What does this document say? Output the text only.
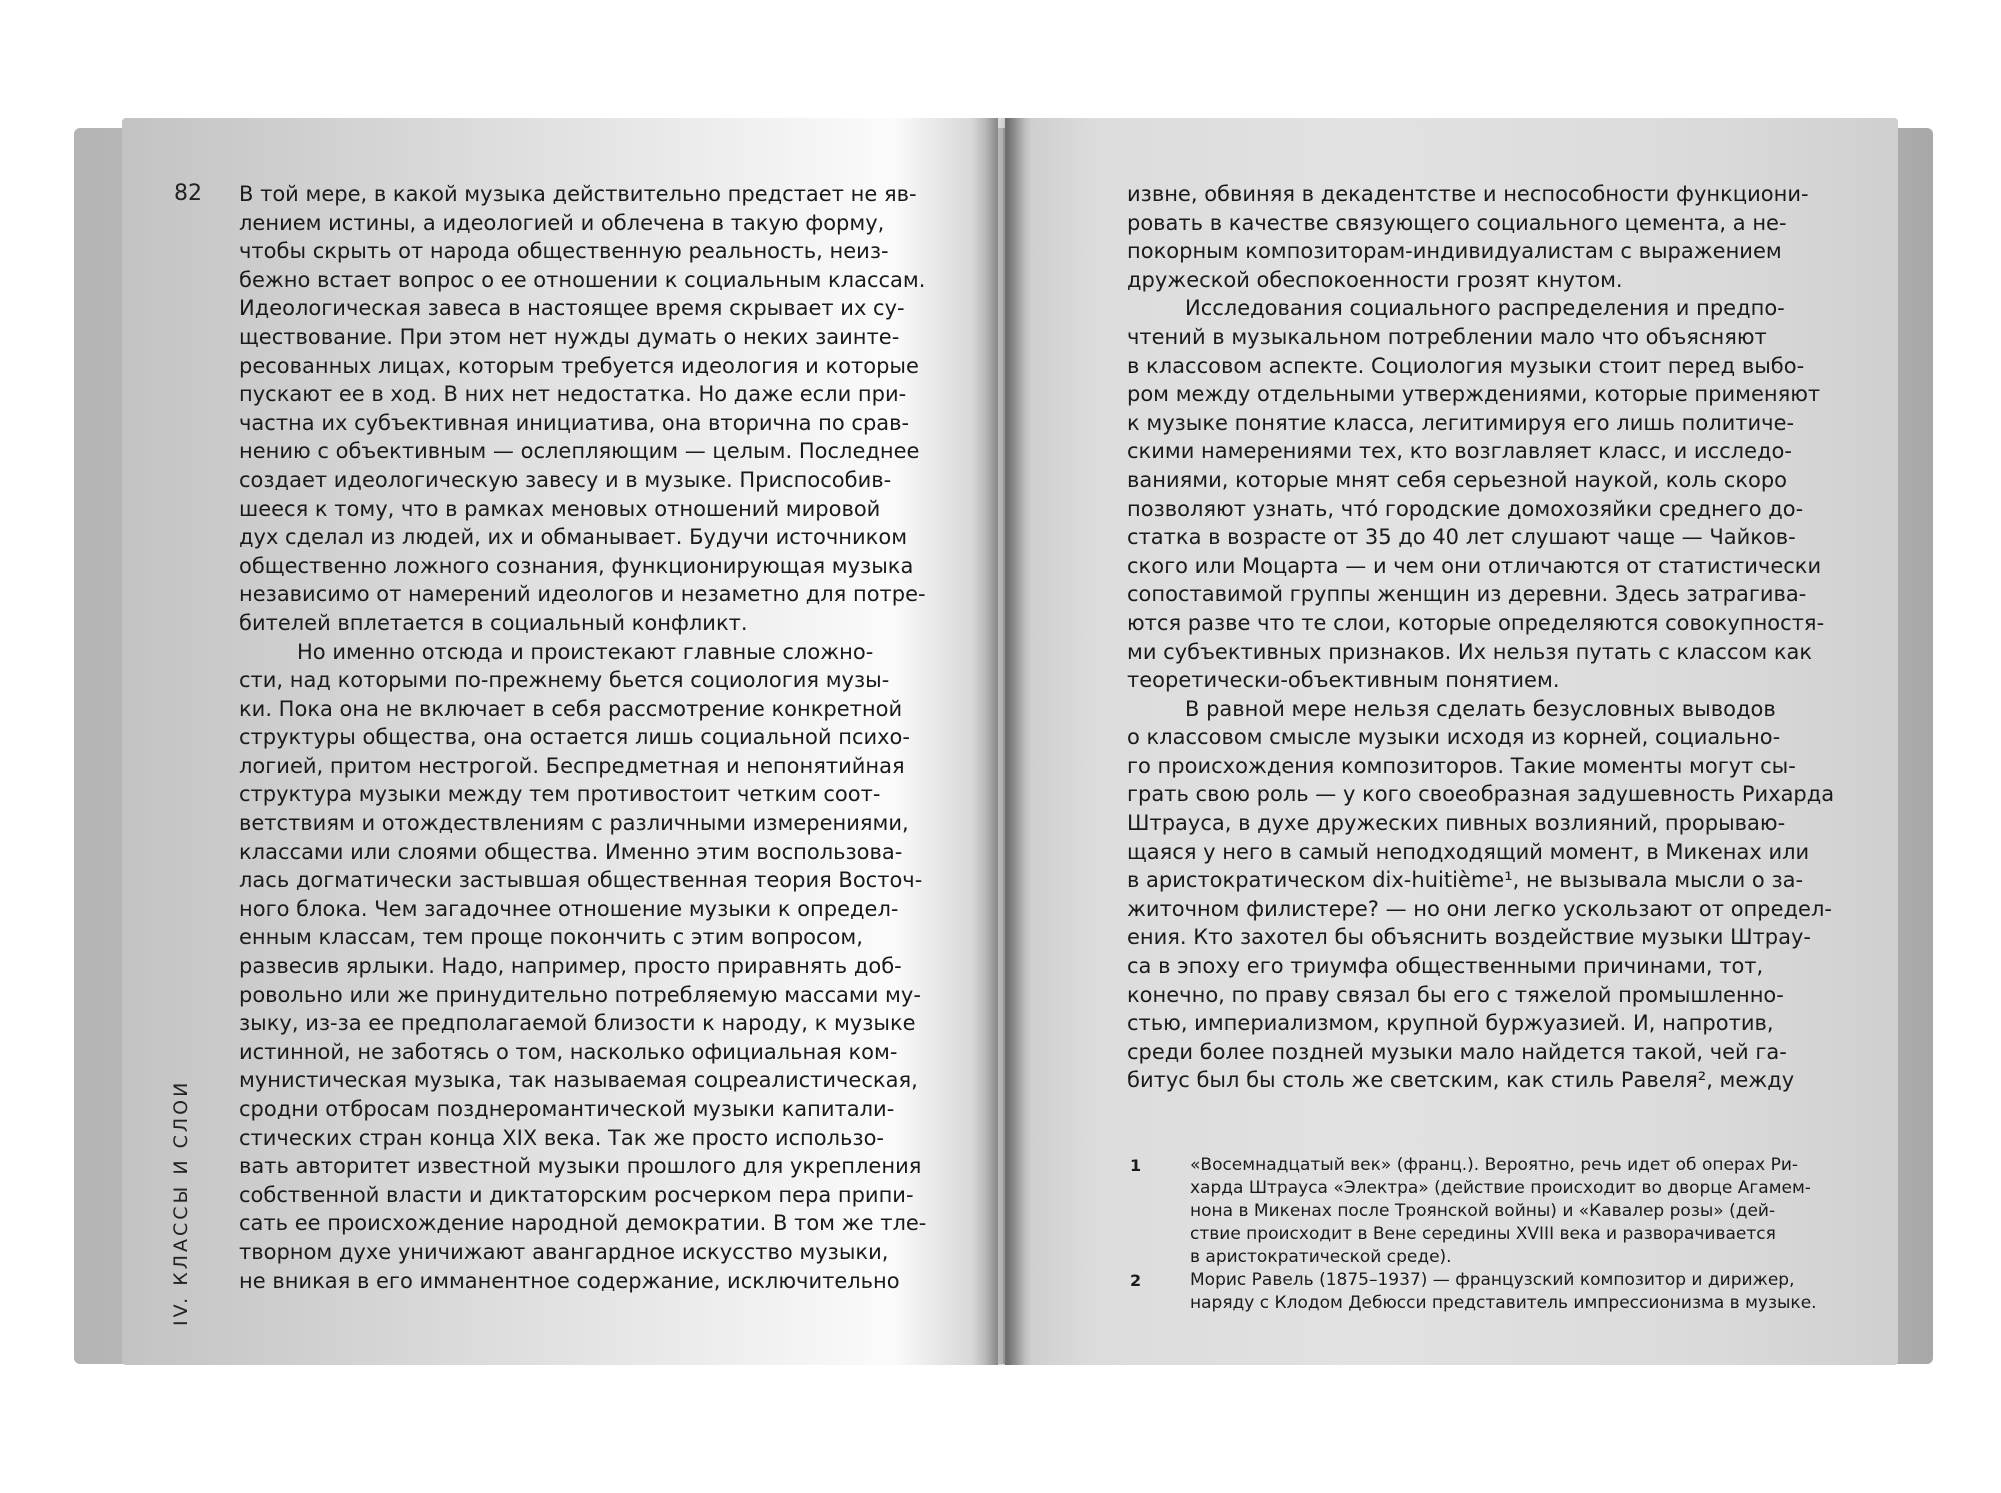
82
IV. КЛАССЫ И СЛОИ
В той мере, в какой музыка действительно предстает не яв-
лением истины, а идеологией и облечена в такую форму,
чтобы скрыть от народа общественную реальность, неиз-
бежно встает вопрос о ее отношении к социальным классам.
Идеологическая завеса в настоящее время скрывает их су-
ществование. При этом нет нужды думать о неких заинте-
ресованных лицах, которым требуется идеология и которые
пускают ее в ход. В них нет недостатка. Но даже если при-
частна их субъективная инициатива, она вторична по срав-
нению с объективным — ослепляющим — целым. Последнее
создает идеологическую завесу и в музыке. Приспособив-
шееся к тому, что в рамках меновых отношений мировой
дух сделал из людей, их и обманывает. Будучи источником
общественно ложного сознания, функционирующая музыка
независимо от намерений идеологов и незаметно для потре-
бителей вплетается в социальный конфликт.
Но именно отсюда и проистекают главные сложно-
сти, над которыми по-прежнему бьется социология музы-
ки. Пока она не включает в себя рассмотрение конкретной
структуры общества, она остается лишь социальной психо-
логией, притом нестрогой. Беспредметная и непонятийная
структура музыки между тем противостоит четким соот-
ветствиям и отождествлениям с различными измерениями,
классами или слоями общества. Именно этим воспользова-
лась догматически застывшая общественная теория Восточ-
ного блока. Чем загадочнее отношение музыки к определ-
енным классам, тем проще покончить с этим вопросом,
развесив ярлыки. Надо, например, просто приравнять доб-
ровольно или же принудительно потребляемую массами му-
зыку, из-за ее предполагаемой близости к народу, к музыке
истинной, не заботясь о том, насколько официальная ком-
мунистическая музыка, так называемая соцреалистическая,
сродни отбросам позднеромантической музыки капитали-
стических стран конца XIX века. Так же просто использо-
вать авторитет известной музыки прошлого для укрепления
собственной власти и диктаторским росчерком пера припи-
сать ее происхождение народной демократии. В том же тле-
творном духе уничижают авангардное искусство музыки,
не вникая в его имманентное содержание, исключительно
извне, обвиняя в декадентстве и неспособности функциони-
ровать в качестве связующего социального цемента, а не-
покорным композиторам-индивидуалистам с выражением
дружеской обеспокоенности грозят кнутом.
Исследования социального распределения и предпо-
чтений в музыкальном потреблении мало что объясняют
в классовом аспекте. Социология музыки стоит перед выбо-
ром между отдельными утверждениями, которые применяют
к музыке понятие класса, легитимируя его лишь политиче-
скими намерениями тех, кто возглавляет класс, и исследо-
ваниями, которые мнят себя серьезной наукой, коль скоро
позволяют узнать, что́ городские домохозяйки среднего до-
статка в возрасте от 35 до 40 лет слушают чаще — Чайков-
ского или Моцарта — и чем они отличаются от статистически
сопоставимой группы женщин из деревни. Здесь затрагива-
ются разве что те слои, которые определяются совокупностя-
ми субъективных признаков. Их нельзя путать с классом как
теоретически-объективным понятием.
В равной мере нельзя сделать безусловных выводов
о классовом смысле музыки исходя из корней, социально-
го происхождения композиторов. Такие моменты могут сы-
грать свою роль — у кого своеобразная задушевность Рихарда
Штрауса, в духе дружеских пивных возлияний, прорываю-
щаяся у него в самый неподходящий момент, в Микенах или
в аристократическом dix-huitième¹, не вызывала мысли о за-
житочном филистере? — но они легко ускользают от определ-
ения. Кто захотел бы объяснить воздействие музыки Штрау-
са в эпоху его триумфа общественными причинами, тот,
конечно, по праву связал бы его с тяжелой промышленно-
стью, империализмом, крупной буржуазией. И, напротив,
среди более поздней музыки мало найдется такой, чей га-
битус был бы столь же светским, как стиль Равеля², между
1	«Восемнадцатый век» (франц.). Вероятно, речь идет об операх Ри-
харда Штрауса «Электра» (действие происходит во дворце Агамем-
нона в Микенах после Троянской войны) и «Кавалер розы» (дей-
ствие происходит в Вене середины XVIII века и разворачивается
в аристократической среде).
2	Морис Равель (1875–1937) — французский композитор и дирижер,
наряду с Клодом Дебюсси представитель импрессионизма в музыке.
